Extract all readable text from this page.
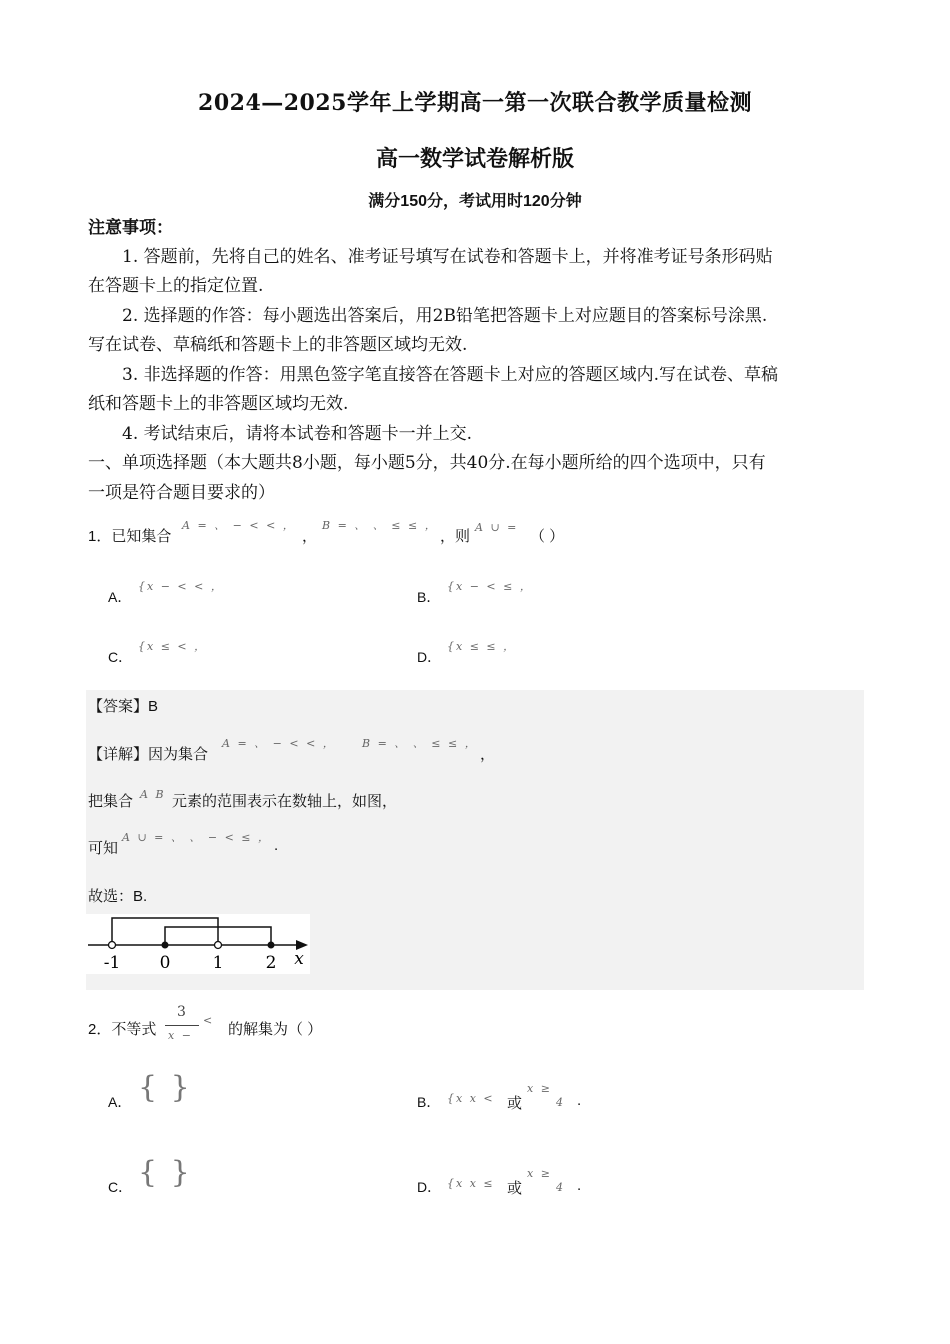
2024—2025学年上学期高一第一次联合教学质量检测
高一数学试卷解析版
满分150分，考试用时120分钟
注意事项：
1. 答题前，先将自己的姓名、准考证号填写在试卷和答题卡上，并将准考证号条形码贴
在答题卡上的指定位置.
2. 选择题的作答：每小题选出答案后，用2B铅笔把答题卡上对应题目的答案标号涂黑.
写在试卷、草稿纸和答题卡上的非答题区域均无效.
3. 非选择题的作答：用黑色签字笔直接答在答题卡上对应的答题区域内.写在试卷、草稿
纸和答题卡上的非答题区域均无效.
4. 考试结束后，请将本试卷和答题卡一并上交.
一、单项选择题（本大题共8小题，每小题5分，共40分.在每小题所给的四个选项中，只有
一项是符合题目要求的）
1．已知集合
A = 、 − < < ，
，
B = 、 、 ≤ ≤ ，
，则
A ∪ =
（ ）
A．
{x − < < ，
B．
{x − < ≤ ，
C．
{x ≤ < ，
D．
{x ≤ ≤ ，
【答案】B
【详解】因为集合
A = 、 − < < ， B = 、 、 ≤ ≤ ，
，
把集合 A B 元素的范围表示在数轴上，如图，
可知
A ∪ = 、 、 − < ≤ ， .
故选：B.
-1 0 1 2 x
2．不等式
3
x −
<
的解集为（ ）
A． { }	B． {x x < 或
x ≥
4 .
C． { }	D． {x x ≤ 或
x ≥
4 .
